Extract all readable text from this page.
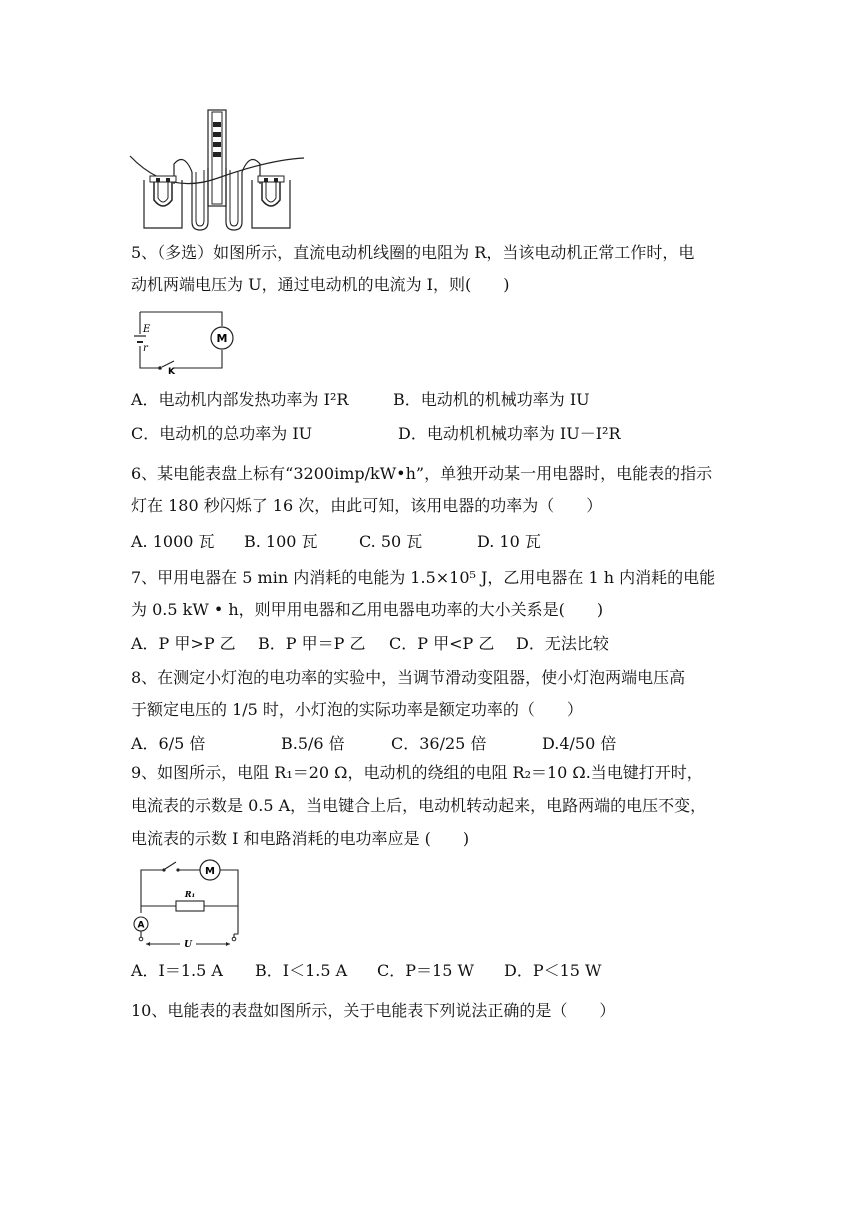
5、（多选）如图所示，直流电动机线圈的电阻为 R，当该电动机正常工作时，电
动机两端电压为 U，通过电动机的电流为 I，则(　　)
M
E
r
K
A．电动机内部发热功率为 I²R	B．电动机的机械功率为 IU
C．电动机的总功率为 IU	D．电动机机械功率为 IU－I²R
6、某电能表盘上标有“3200imp/kW•h”，单独开动某一用电器时，电能表的指示
灯在 180 秒闪烁了 16 次，由此可知，该用电器的功率为（　　）
A. 1000 瓦 B. 100 瓦	C. 50 瓦	D. 10 瓦
7、甲用电器在 5 min 内消耗的电能为 1.5×10⁵ J，乙用电器在 1 h 内消耗的电能
为 0.5 kW • h，则甲用电器和乙用电器电功率的大小关系是(　　)
A．P 甲>P 乙 B．P 甲＝P 乙 C．P 甲<P 乙 D．无法比较
8、在测定小灯泡的电功率的实验中，当调节滑动变阻器，使小灯泡两端电压高
于额定电压的 1/5 时，小灯泡的实际功率是额定功率的（　　）
A．6/5 倍	B.5/6 倍	C．36/25 倍	D.4/50 倍
9、如图所示，电阻 R₁＝20 Ω，电动机的绕组的电阻 R₂＝10 Ω.当电键打开时，
电流表的示数是 0.5 A，当电键合上后，电动机转动起来，电路两端的电压不变，
电流表的示数 I 和电路消耗的电功率应是 (　　)
M
R₁
A
U
A．I＝1.5 A B．I＜1.5 A C．P＝15 W D．P＜15 W
10、电能表的表盘如图所示，关于电能表下列说法正确的是（　　）
